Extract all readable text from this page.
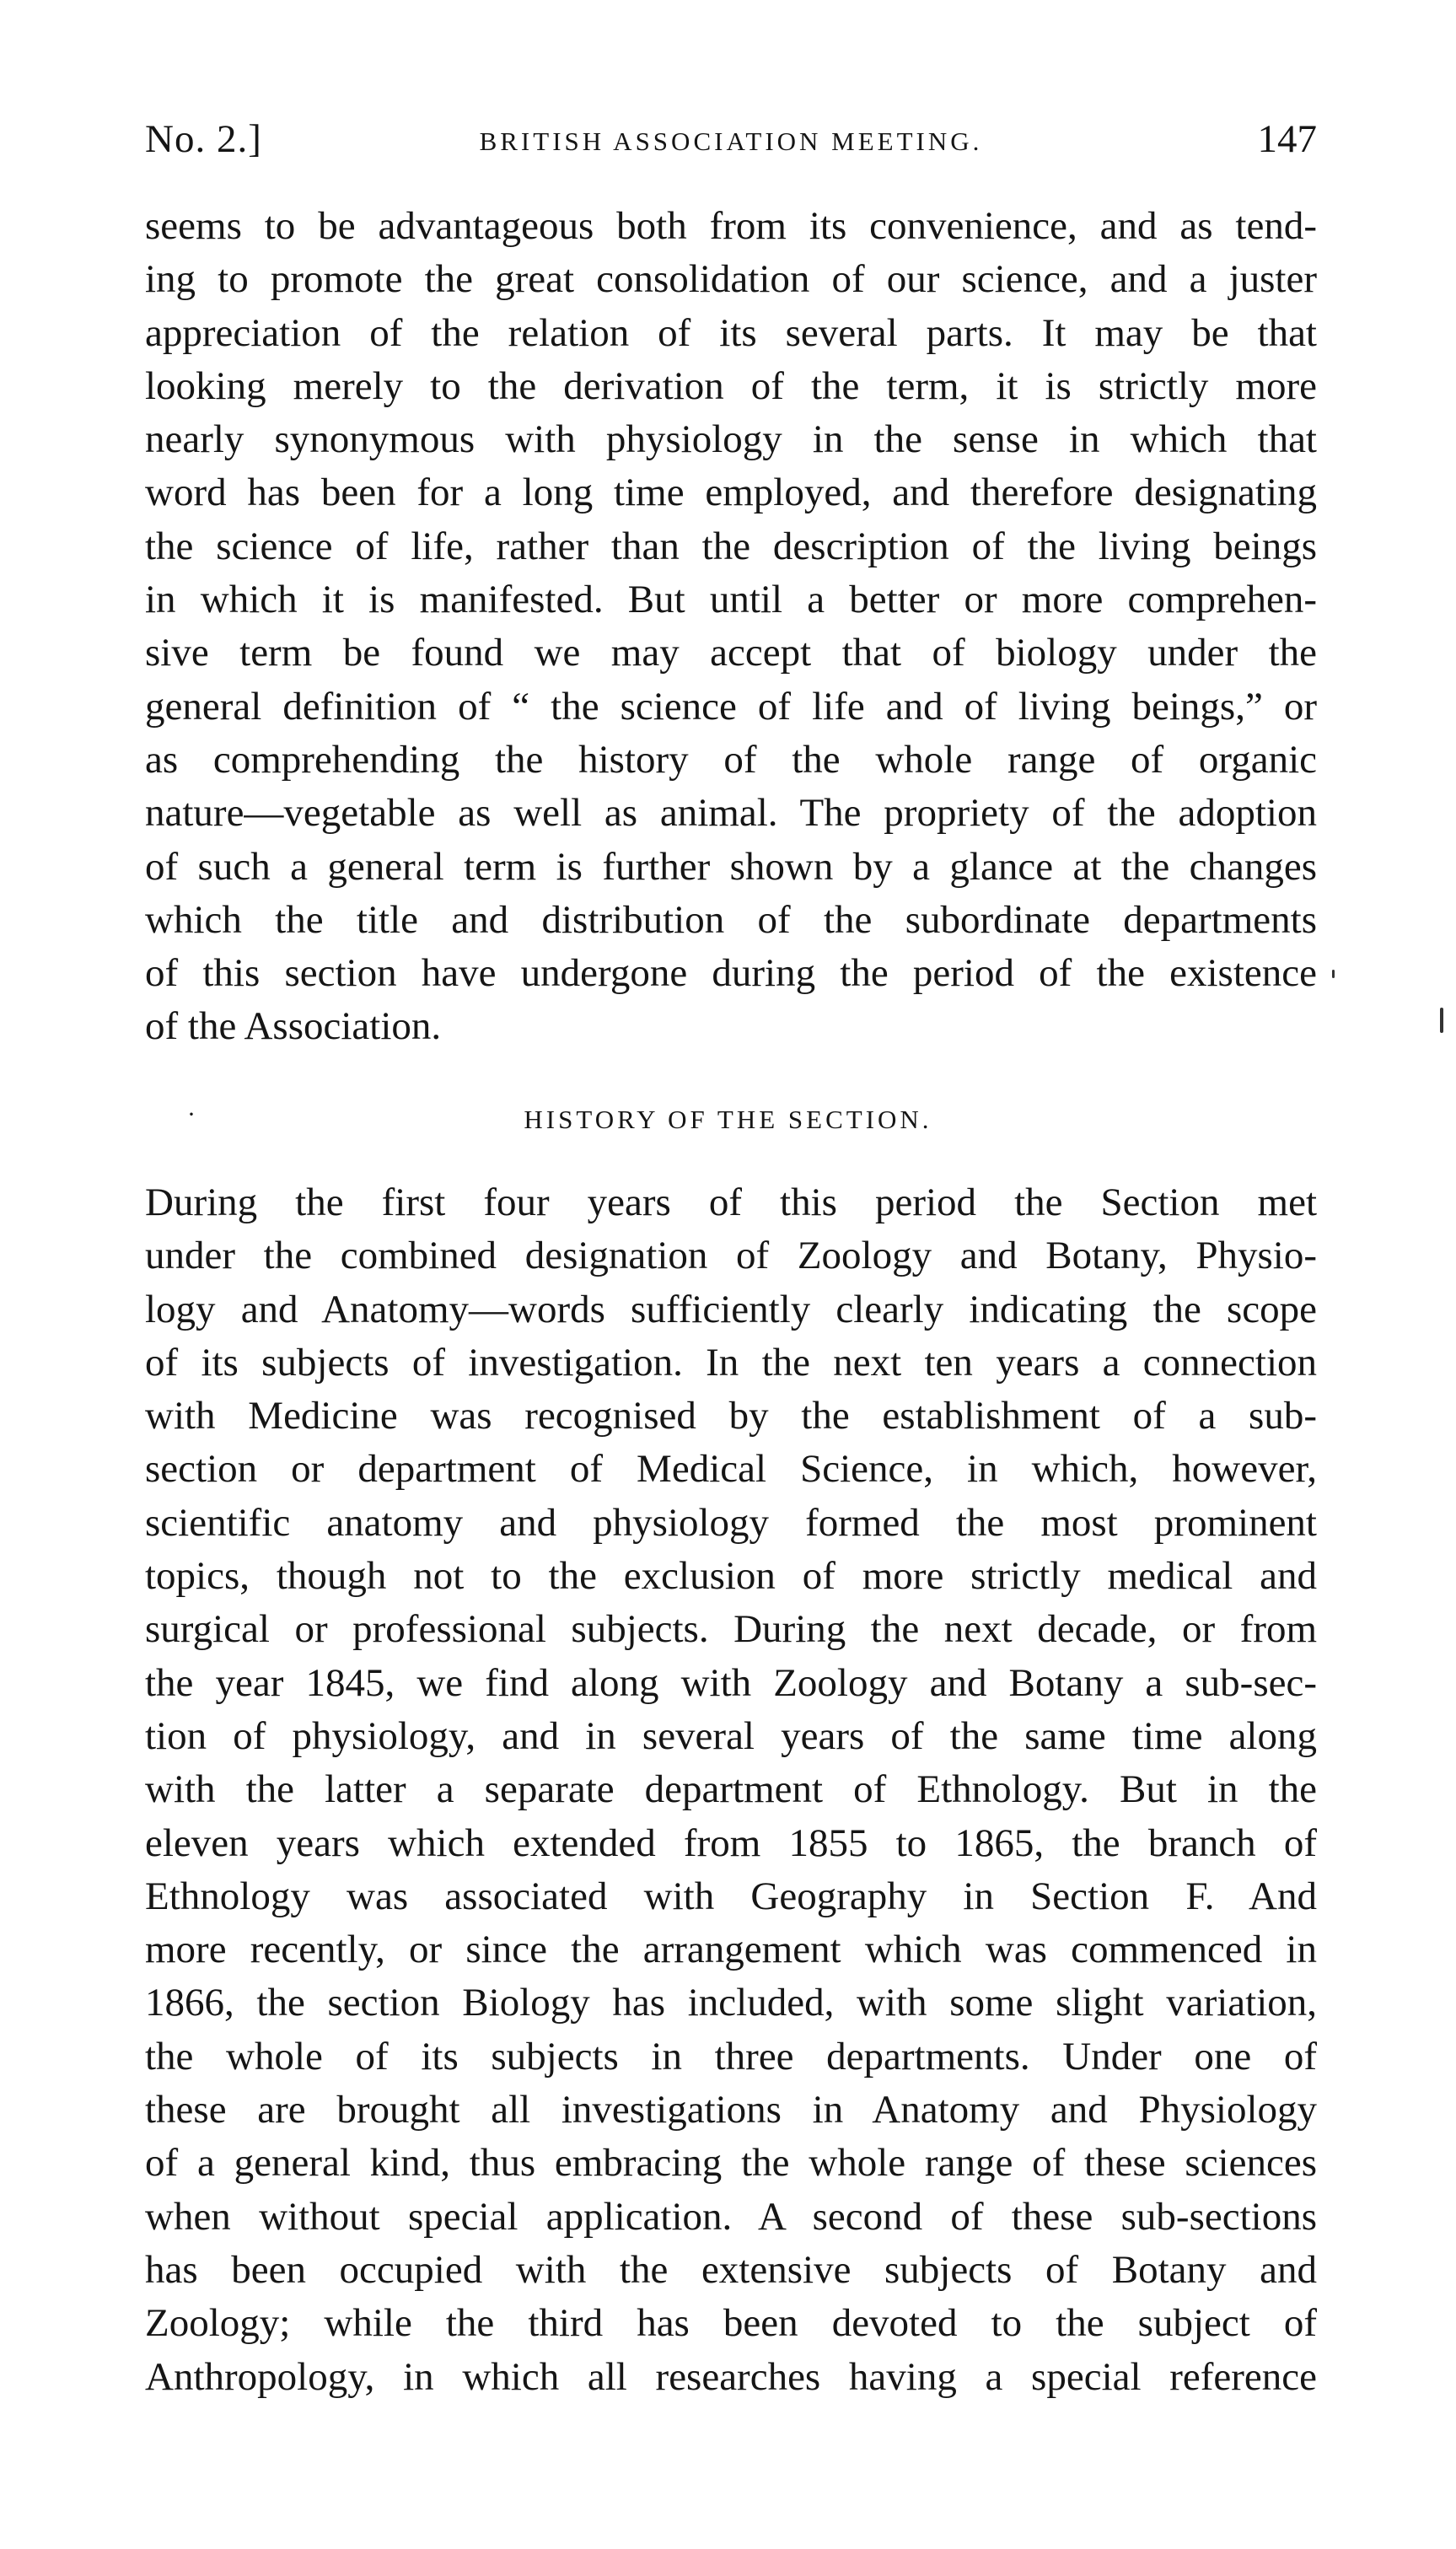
No. 2.]	BRITISH ASSOCIATION MEETING.	147
seems to be advantageous both from its convenience, and as tend-
ing to promote the great consolidation of our science, and a juster
appreciation of the relation of its several parts. It may be that
looking merely to the derivation of the term, it is strictly more
nearly synonymous with physiology in the sense in which that
word has been for a long time employed, and therefore designating
the science of life, rather than the description of the living beings
in which it is manifested. But until a better or more comprehen-
sive term be found we may accept that of biology under the
general definition of “ the science of life and of living beings,” or
as comprehending the history of the whole range of organic
nature—vegetable as well as animal. The propriety of the adoption
of such a general term is further shown by a glance at the changes
which the title and distribution of the subordinate departments
of this section have undergone during the period of the existence
of the Association.
·	HISTORY OF THE SECTION.
During the first four years of this period the Section met
under the combined designation of Zoology and Botany, Physio-
logy and Anatomy—words sufficiently clearly indicating the scope
of its subjects of investigation. In the next ten years a connection
with Medicine was recognised by the establishment of a sub-
section or department of Medical Science, in which, however,
scientific anatomy and physiology formed the most prominent
topics, though not to the exclusion of more strictly medical and
surgical or professional subjects. During the next decade, or from
the year 1845, we find along with Zoology and Botany a sub-sec-
tion of physiology, and in several years of the same time along
with the latter a separate department of Ethnology. But in the
eleven years which extended from 1855 to 1865, the branch of
Ethnology was associated with Geography in Section F. And
more recently, or since the arrangement which was commenced in
1866, the section Biology has included, with some slight variation,
the whole of its subjects in three departments. Under one of
these are brought all investigations in Anatomy and Physiology
of a general kind, thus embracing the whole range of these sciences
when without special application. A second of these sub-sections
has been occupied with the extensive subjects of Botany and
Zoology; while the third has been devoted to the subject of
Anthropology, in which all researches having a special reference
